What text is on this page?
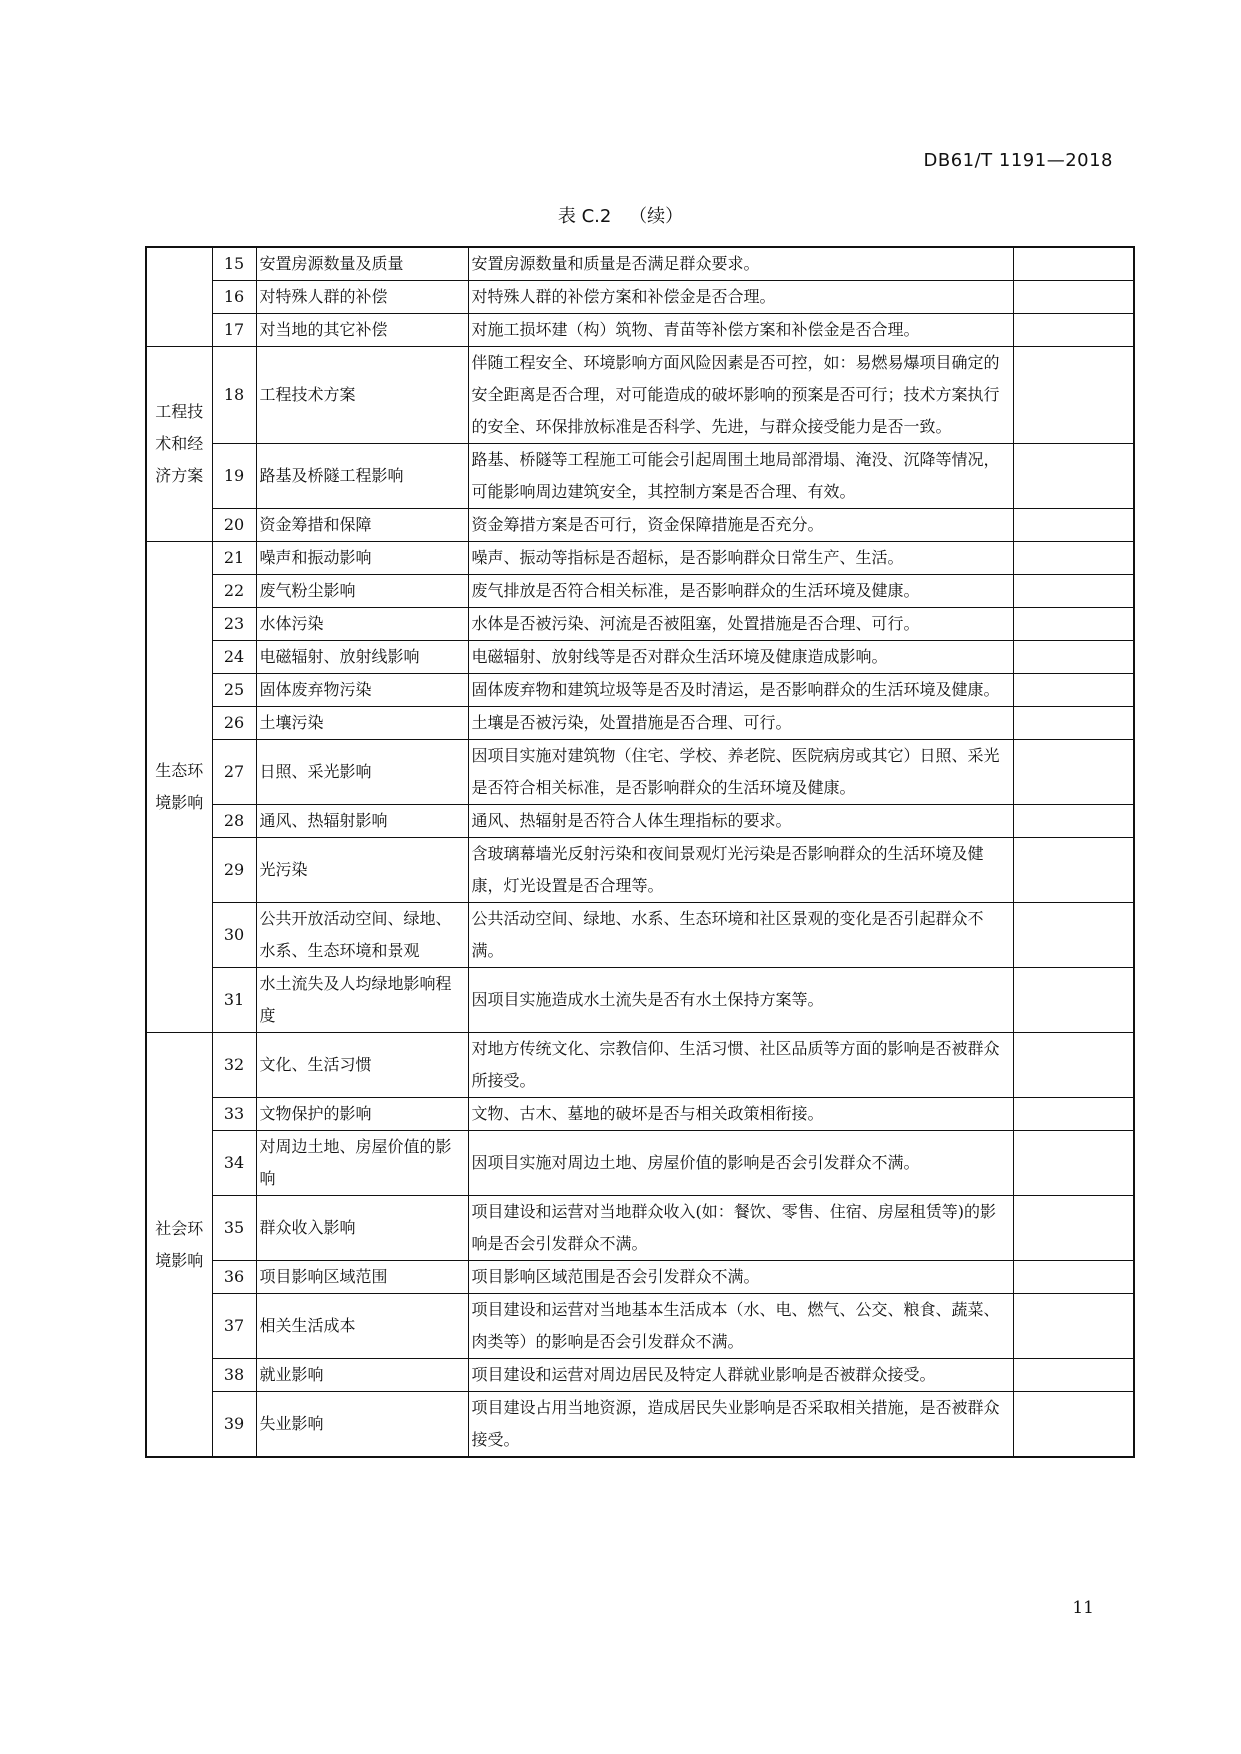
DB61/T 1191—2018
表 C.2 （续）
	15	安置房源数量及质量	安置房源数量和质量是否满足群众要求。	
	16	对特殊人群的补偿	对特殊人群的补偿方案和补偿金是否合理。	
	17	对当地的其它补偿	对施工损坏建（构）筑物、青苗等补偿方案和补偿金是否合理。	
工程技术和经济方案	18	工程技术方案	伴随工程安全、环境影响方面风险因素是否可控，如：易燃易爆项目确定的安全距离是否合理，对可能造成的破坏影响的预案是否可行；技术方案执行的安全、环保排放标准是否科学、先进，与群众接受能力是否一致。	
	19	路基及桥隧工程影响	路基、桥隧等工程施工可能会引起周围土地局部滑塌、淹没、沉降等情况，可能影响周边建筑安全，其控制方案是否合理、有效。	
	20	资金筹措和保障	资金筹措方案是否可行，资金保障措施是否充分。	
生态环境影响	21	噪声和振动影响	噪声、振动等指标是否超标，是否影响群众日常生产、生活。	
	22	废气粉尘影响	废气排放是否符合相关标准，是否影响群众的生活环境及健康。	
	23	水体污染	水体是否被污染、河流是否被阻塞，处置措施是否合理、可行。	
	24	电磁辐射、放射线影响	电磁辐射、放射线等是否对群众生活环境及健康造成影响。	
	25	固体废弃物污染	固体废弃物和建筑垃圾等是否及时清运，是否影响群众的生活环境及健康。	
	26	土壤污染	土壤是否被污染，处置措施是否合理、可行。	
	27	日照、采光影响	因项目实施对建筑物（住宅、学校、养老院、医院病房或其它）日照、采光是否符合相关标准，是否影响群众的生活环境及健康。	
	28	通风、热辐射影响	通风、热辐射是否符合人体生理指标的要求。	
	29	光污染	含玻璃幕墙光反射污染和夜间景观灯光污染是否影响群众的生活环境及健康，灯光设置是否合理等。	
	30	公共开放活动空间、绿地、水系、生态环境和景观	公共活动空间、绿地、水系、生态环境和社区景观的变化是否引起群众不满。	
	31	水土流失及人均绿地影响程度	因项目实施造成水土流失是否有水土保持方案等。	
社会环境影响	32	文化、生活习惯	对地方传统文化、宗教信仰、生活习惯、社区品质等方面的影响是否被群众所接受。	
	33	文物保护的影响	文物、古木、墓地的破坏是否与相关政策相衔接。	
	34	对周边土地、房屋价值的影响	因项目实施对周边土地、房屋价值的影响是否会引发群众不满。	
	35	群众收入影响	项目建设和运营对当地群众收入(如：餐饮、零售、住宿、房屋租赁等)的影响是否会引发群众不满。	
	36	项目影响区域范围	项目影响区域范围是否会引发群众不满。	
	37	相关生活成本	项目建设和运营对当地基本生活成本（水、电、燃气、公交、粮食、蔬菜、肉类等）的影响是否会引发群众不满。	
	38	就业影响	项目建设和运营对周边居民及特定人群就业影响是否被群众接受。	
	39	失业影响	项目建设占用当地资源，造成居民失业影响是否采取相关措施，是否被群众接受。	
11
